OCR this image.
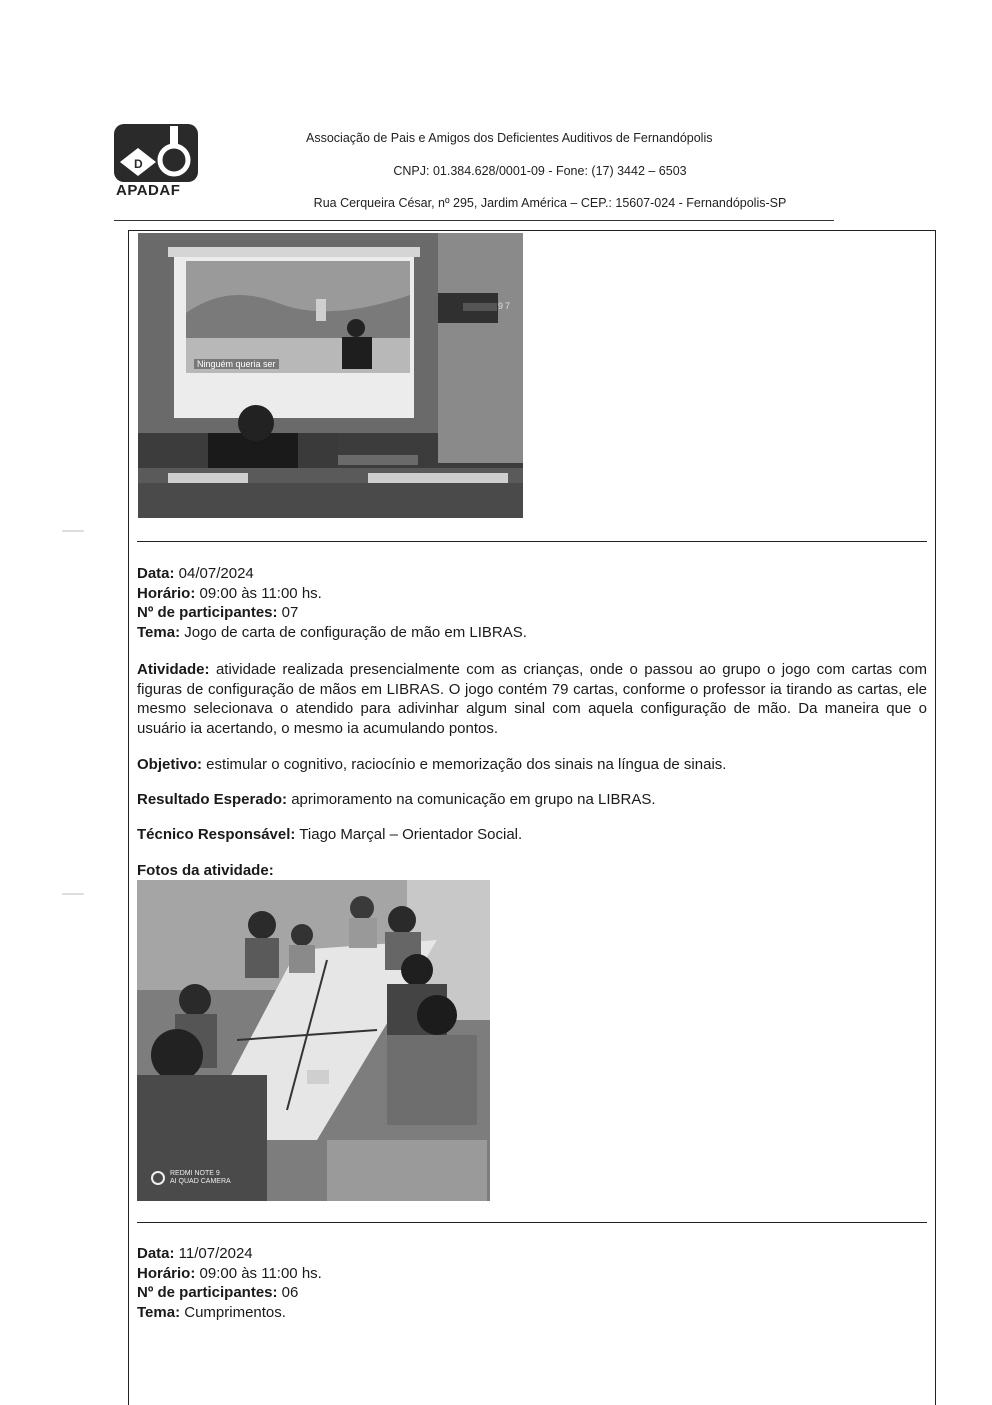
D
APADAF
Associação de Pais e Amigos dos Deficientes Auditivos de Fernandópolis
CNPJ: 01.384.628/0001-09 - Fone: (17) 3442 – 6503
Rua Cerqueira César, nº 295, Jardim América – CEP.: 15607-024 - Fernandópolis-SP
Ninguém queria ser
97
Data: 04/07/2024
Horário: 09:00 às 11:00 hs.
Nº de participantes: 07
Tema: Jogo de carta de configuração de mão em LIBRAS.
Atividade: atividade realizada presencialmente com as crianças, onde o passou ao grupo o jogo com cartas com figuras de configuração de mãos em LIBRAS. O jogo contém 79 cartas, conforme o professor ia tirando as cartas, ele mesmo selecionava o atendido para adivinhar algum sinal com aquela configuração de mão. Da maneira que o usuário ia acertando, o mesmo ia acumulando pontos.
Objetivo: estimular o cognitivo, raciocínio e memorização dos sinais na língua de sinais.
Resultado Esperado: aprimoramento na comunicação em grupo na LIBRAS.
Técnico Responsável: Tiago Marçal – Orientador Social.
Fotos da atividade:
REDMI NOTE 9
AI QUAD CAMERA
Data: 11/07/2024
Horário: 09:00 às 11:00 hs.
Nº de participantes: 06
Tema: Cumprimentos.
